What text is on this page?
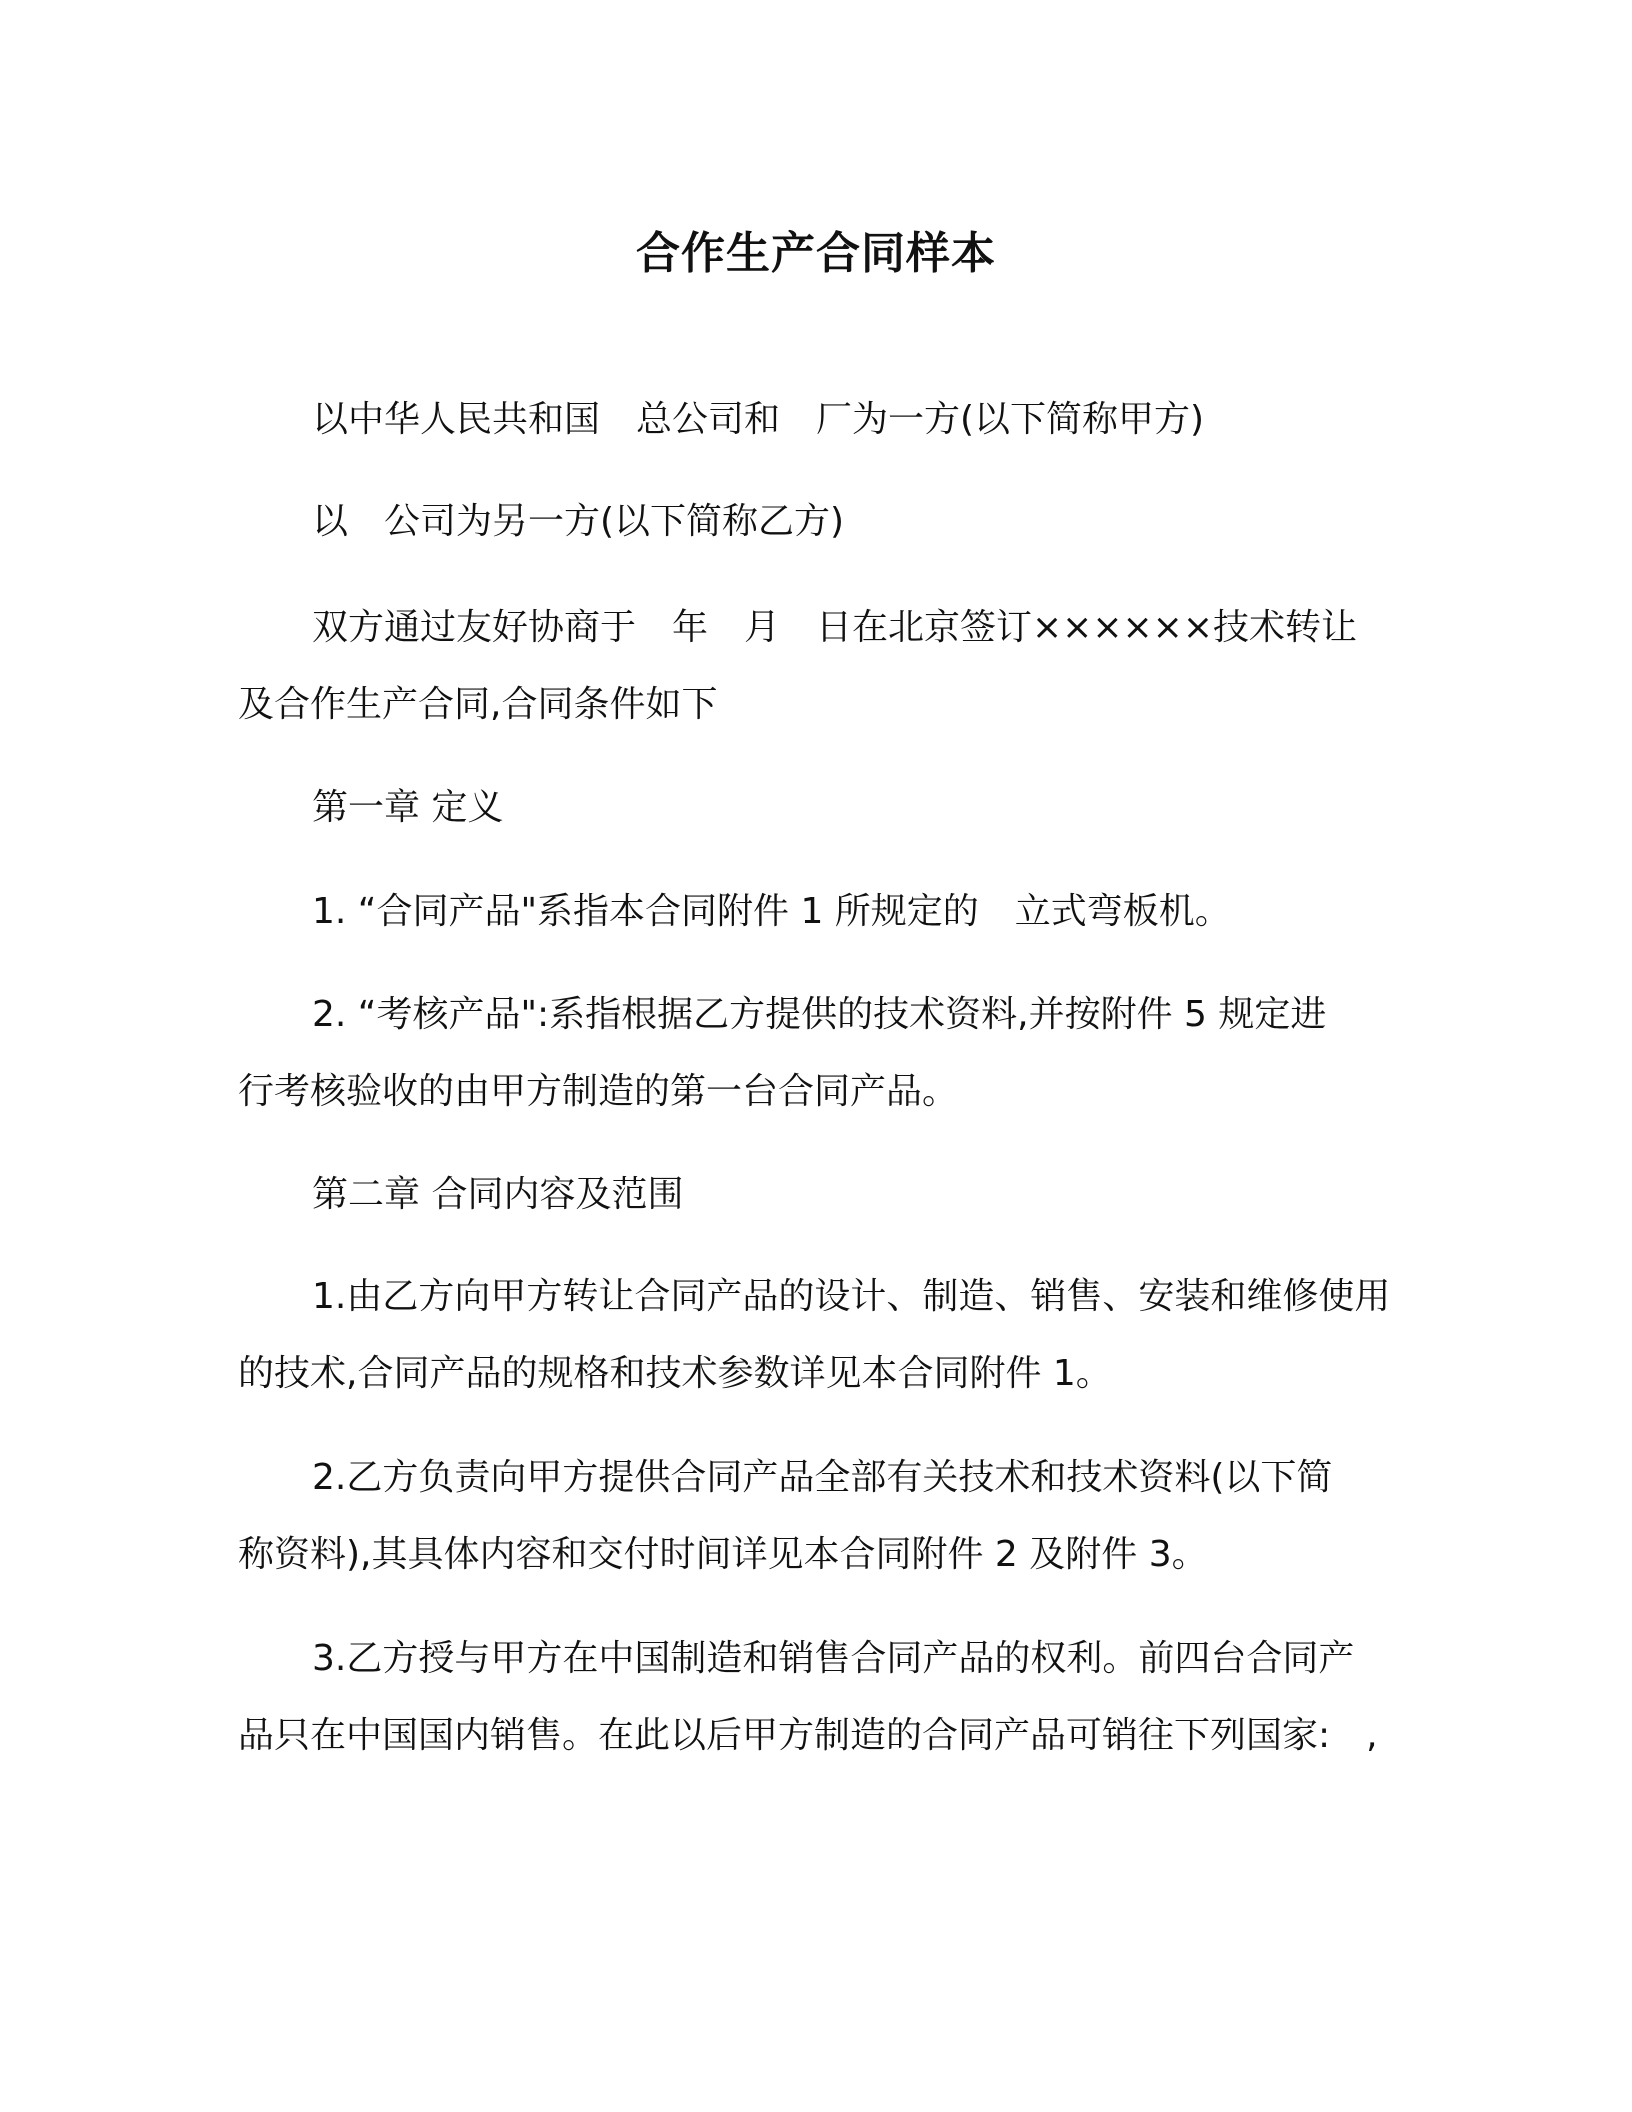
合作生产合同样本
以中华人民共和国　总公司和　厂为一方(以下简称甲方)
以　公司为另一方(以下简称乙方)
双方通过友好协商于　年　月　日在北京签订××××××技术转让
及合作生产合同,合同条件如下
第一章 定义
1. “合同产品"系指本合同附件 1 所规定的　立式弯板机。
2. “考核产品":系指根据乙方提供的技术资料,并按附件 5 规定进
行考核验收的由甲方制造的第一台合同产品。
第二章 合同内容及范围
1.由乙方向甲方转让合同产品的设计、制造、销售、安装和维修使用
的技术,合同产品的规格和技术参数详见本合同附件 1。
2.乙方负责向甲方提供合同产品全部有关技术和技术资料(以下简
称资料),其具体内容和交付时间详见本合同附件 2 及附件 3。
3.乙方授与甲方在中国制造和销售合同产品的权利。前四台合同产
品只在中国国内销售。在此以后甲方制造的合同产品可销往下列国家:　,
